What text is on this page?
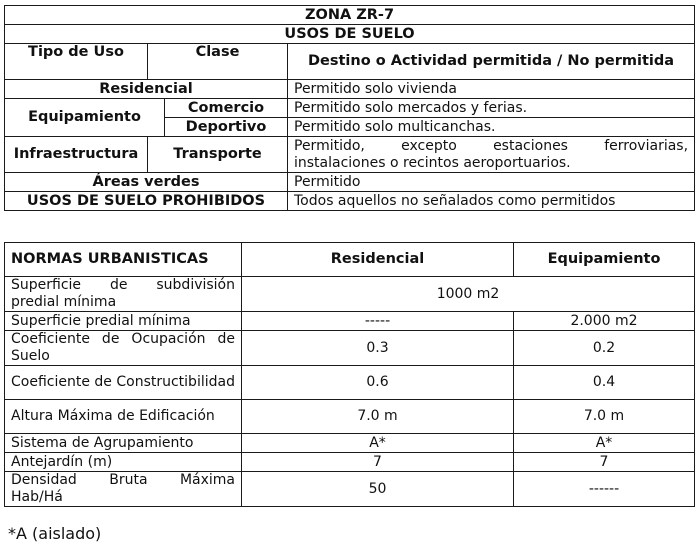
ZONA ZR-7			
USOS DE SUELO			
Tipo de Uso	Clase		Destino o Actividad permitida / No permitida
Residencial			Permitido solo vivienda
Equipamiento		Comercio	Permitido solo mercados y ferias.
		Deportivo	Permitido solo multicanchas.
Infraestructura	Transporte		Permitido, excepto estaciones ferroviarias, instalaciones o recintos aeroportuarios.
Áreas verdes			Permitido
USOS DE SUELO PROHIBIDOS			Todos aquellos no señalados como permitidos
NORMAS URBANISTICAS	Residencial	Equipamiento
Superficie de subdivisión predial mínima	1000 m2	
Superficie predial mínima	-----	2.000 m2
Coeficiente de Ocupación de Suelo	0.3	0.2
Coeficiente de Constructibilidad	0.6	0.4
Altura Máxima de Edificación	7.0 m	7.0 m
Sistema de Agrupamiento	A*	A*
Antejardín (m)	7	7
Densidad Bruta Máxima Hab/Há	50	------
*A (aislado)
